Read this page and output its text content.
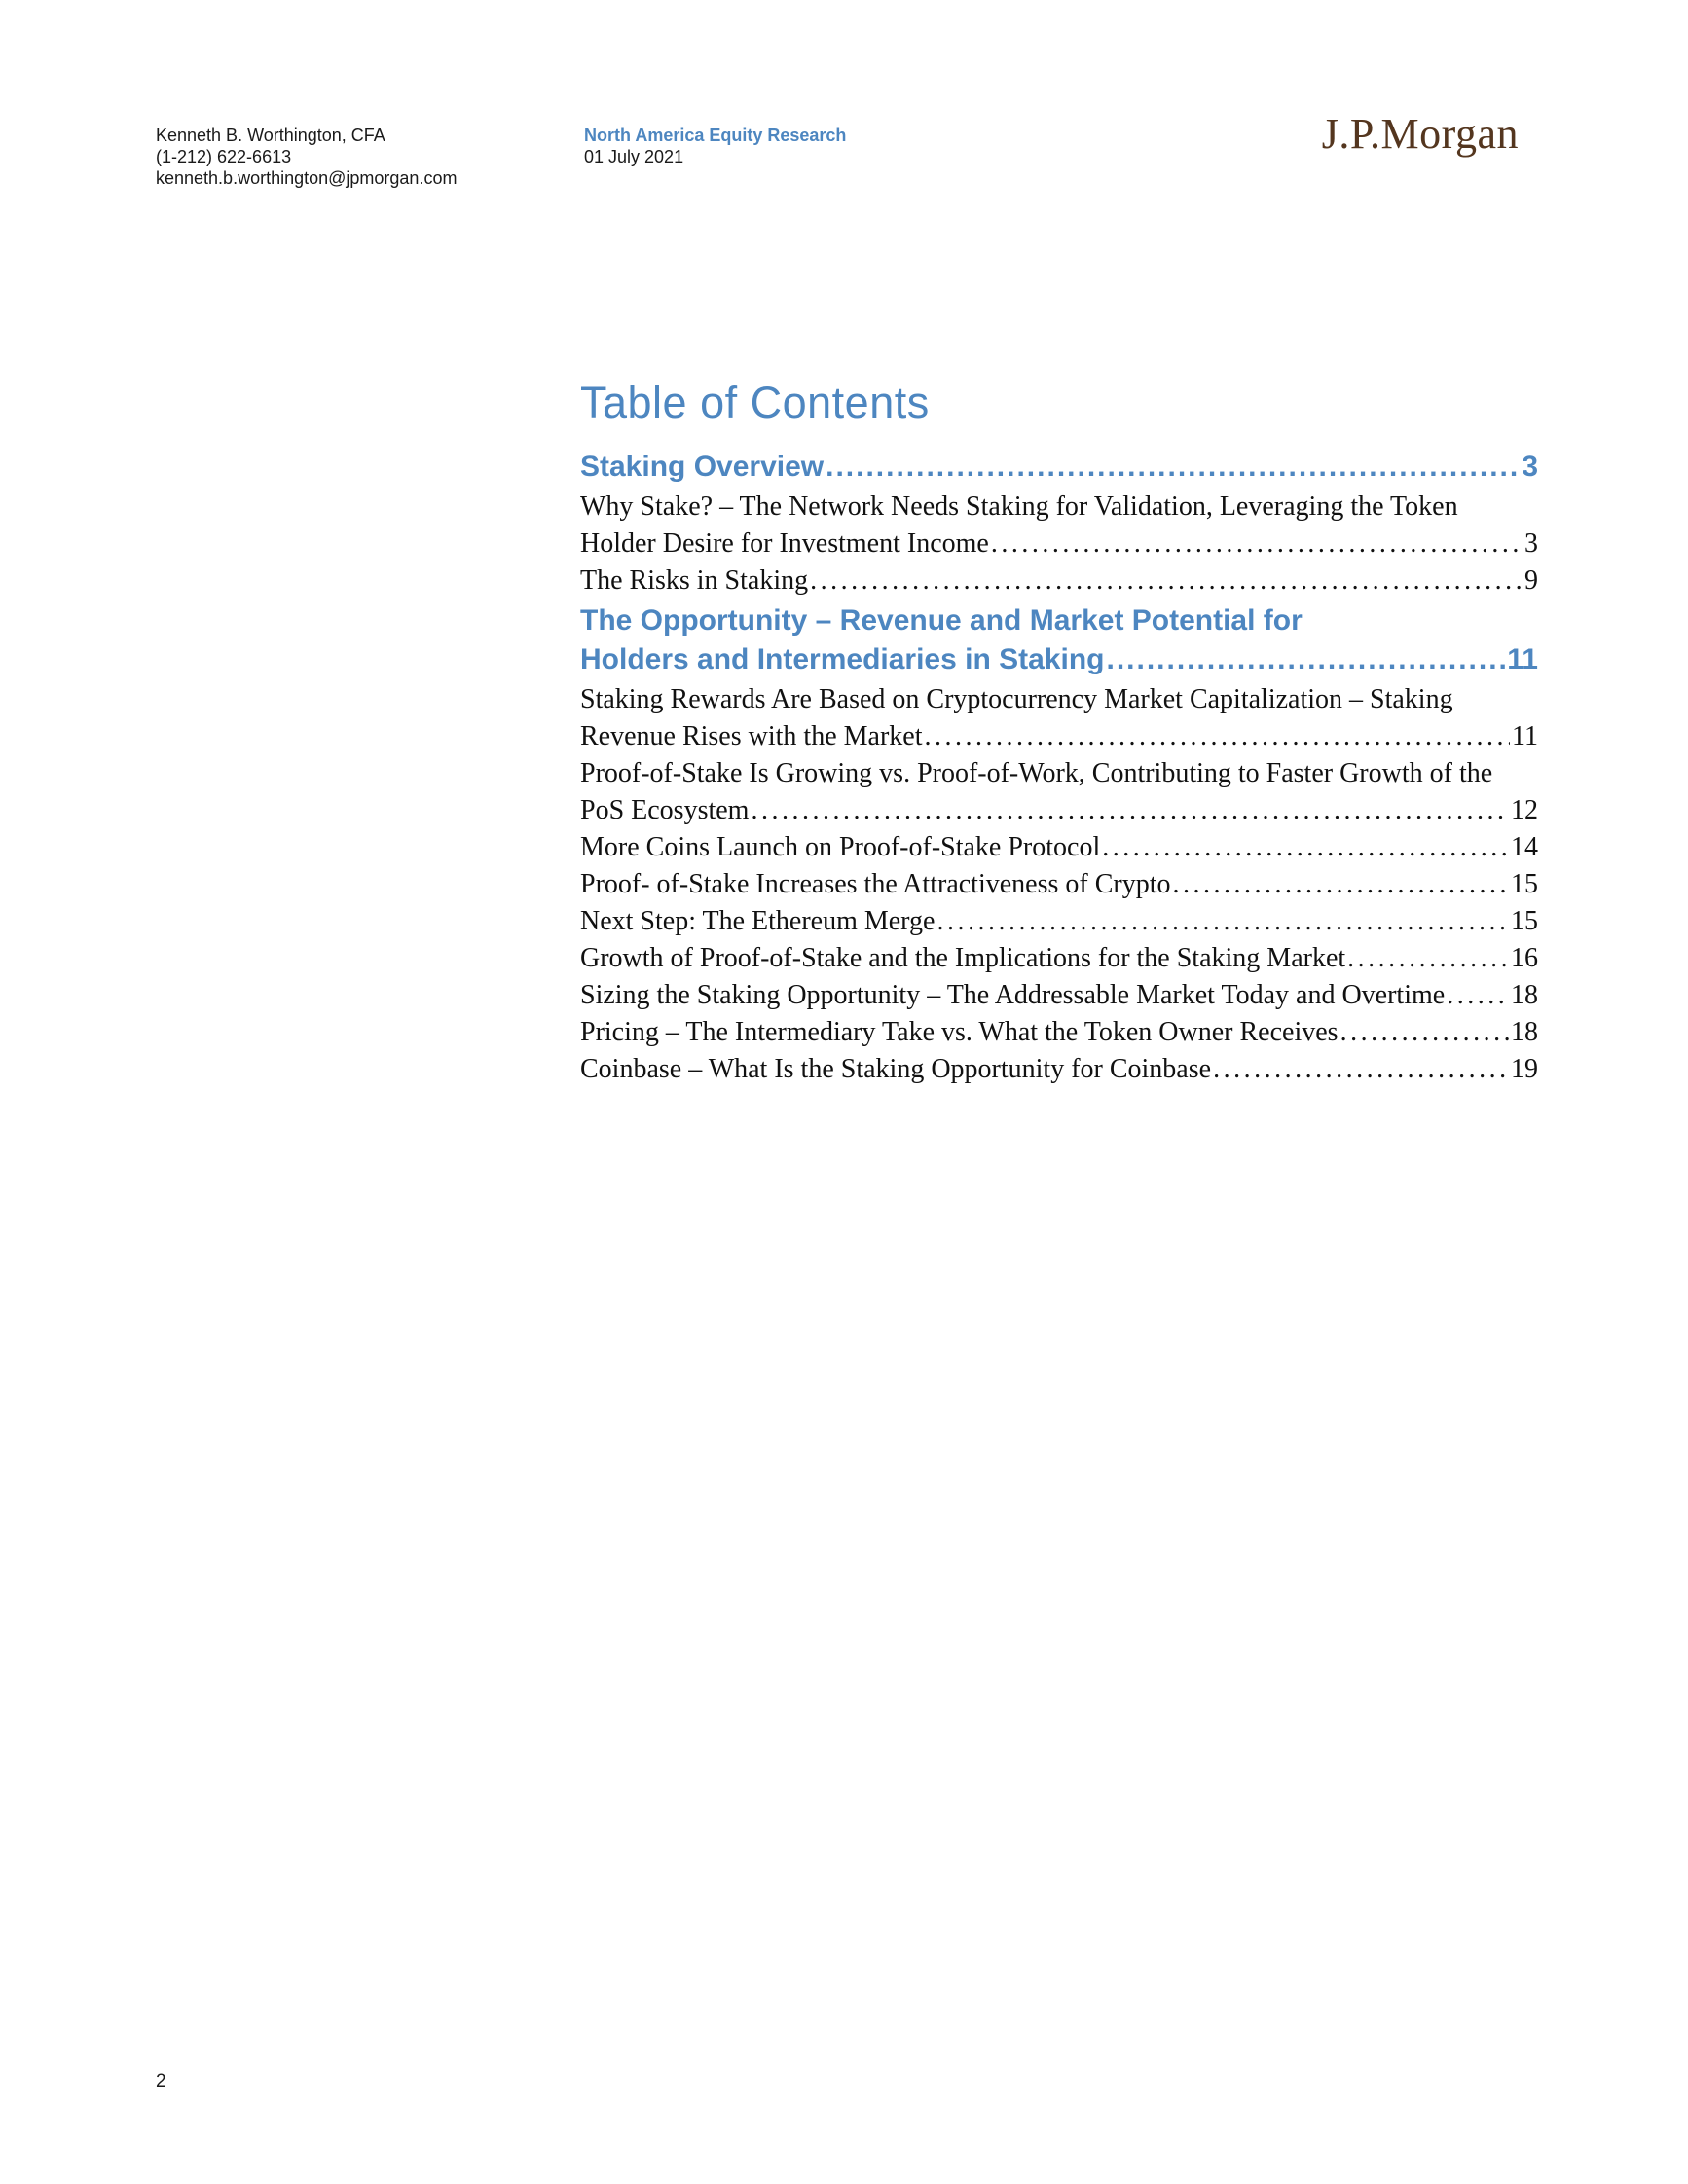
Kenneth B. Worthington, CFA
(1-212) 622-6613
kenneth.b.worthington@jpmorgan.com
North America Equity Research
01 July 2021	J.P.Morgan
Table of Contents
Staking Overview .....	3
Why Stake? – The Network Needs Staking for Validation, Leveraging the Token
Holder Desire for Investment Income .....	3
The Risks in Staking .....	9
The Opportunity – Revenue and Market Potential for
Holders and Intermediaries in Staking .....	11
Staking Rewards Are Based on Cryptocurrency Market Capitalization – Staking
Revenue Rises with the Market .....	11
Proof-of-Stake Is Growing vs. Proof-of-Work, Contributing to Faster Growth of the
PoS Ecosystem .....	12
More Coins Launch on Proof-of-Stake Protocol .....	14
Proof- of-Stake Increases the Attractiveness of Crypto .....	15
Next Step: The Ethereum Merge .....	15
Growth of Proof-of-Stake and the Implications for the Staking Market .....	16
Sizing the Staking Opportunity – The Addressable Market Today and Overtime ..... 18
Pricing – The Intermediary Take vs. What the Token Owner Receives .....	18
Coinbase – What Is the Staking Opportunity for Coinbase .....	19
2
